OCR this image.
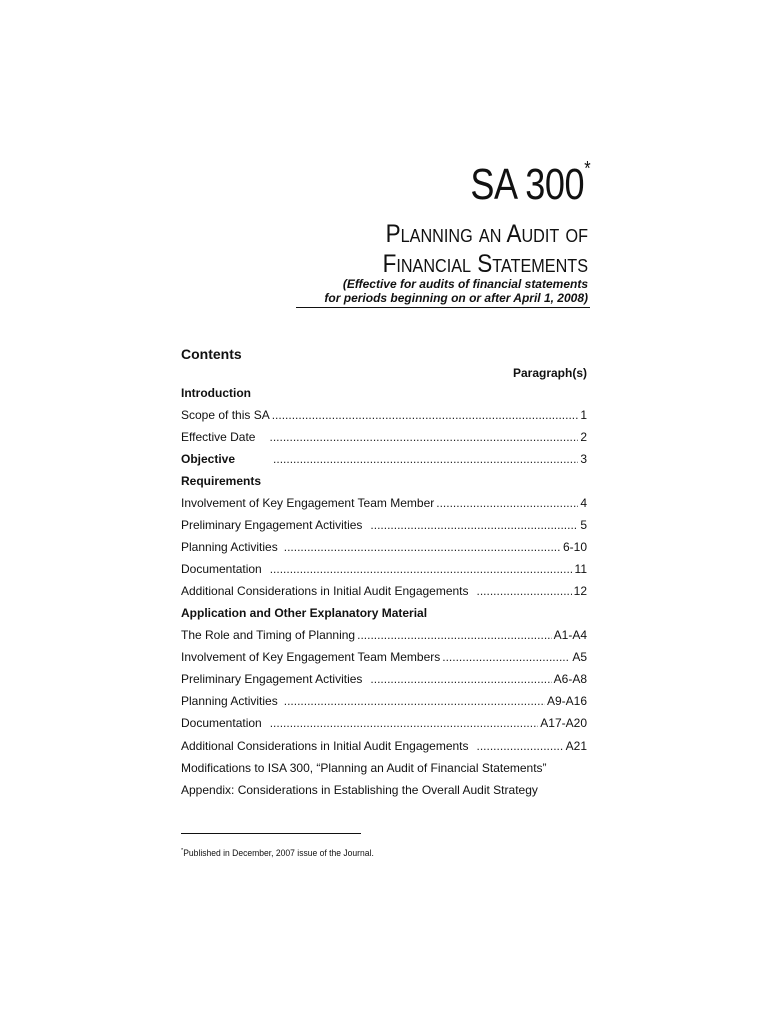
SA 300*
Planning an Audit of
Financial Statements
(Effective for audits of financial statements
for periods beginning on or after April 1, 2008)
Contents
Paragraph(s)
Introduction
Scope of this SA .....	1
Effective Date .....	2
Objective .....	3
Requirements
Involvement of Key Engagement Team Member .....	4
Preliminary Engagement Activities .....	5
Planning Activities .....	6-10
Documentation .....	11
Additional Considerations in Initial Audit Engagements .....	12
Application and Other Explanatory Material
The Role and Timing of Planning .....	A1-A4
Involvement of Key Engagement Team Members .....	A5
Preliminary Engagement Activities .....	A6-A8
Planning Activities .....	A9-A16
Documentation .....	A17-A20
Additional Considerations in Initial Audit Engagements .....	A21
Modifications to ISA 300, “Planning an Audit of Financial Statements”
Appendix: Considerations in Establishing the Overall Audit Strategy
*Published in December, 2007 issue of the Journal.
